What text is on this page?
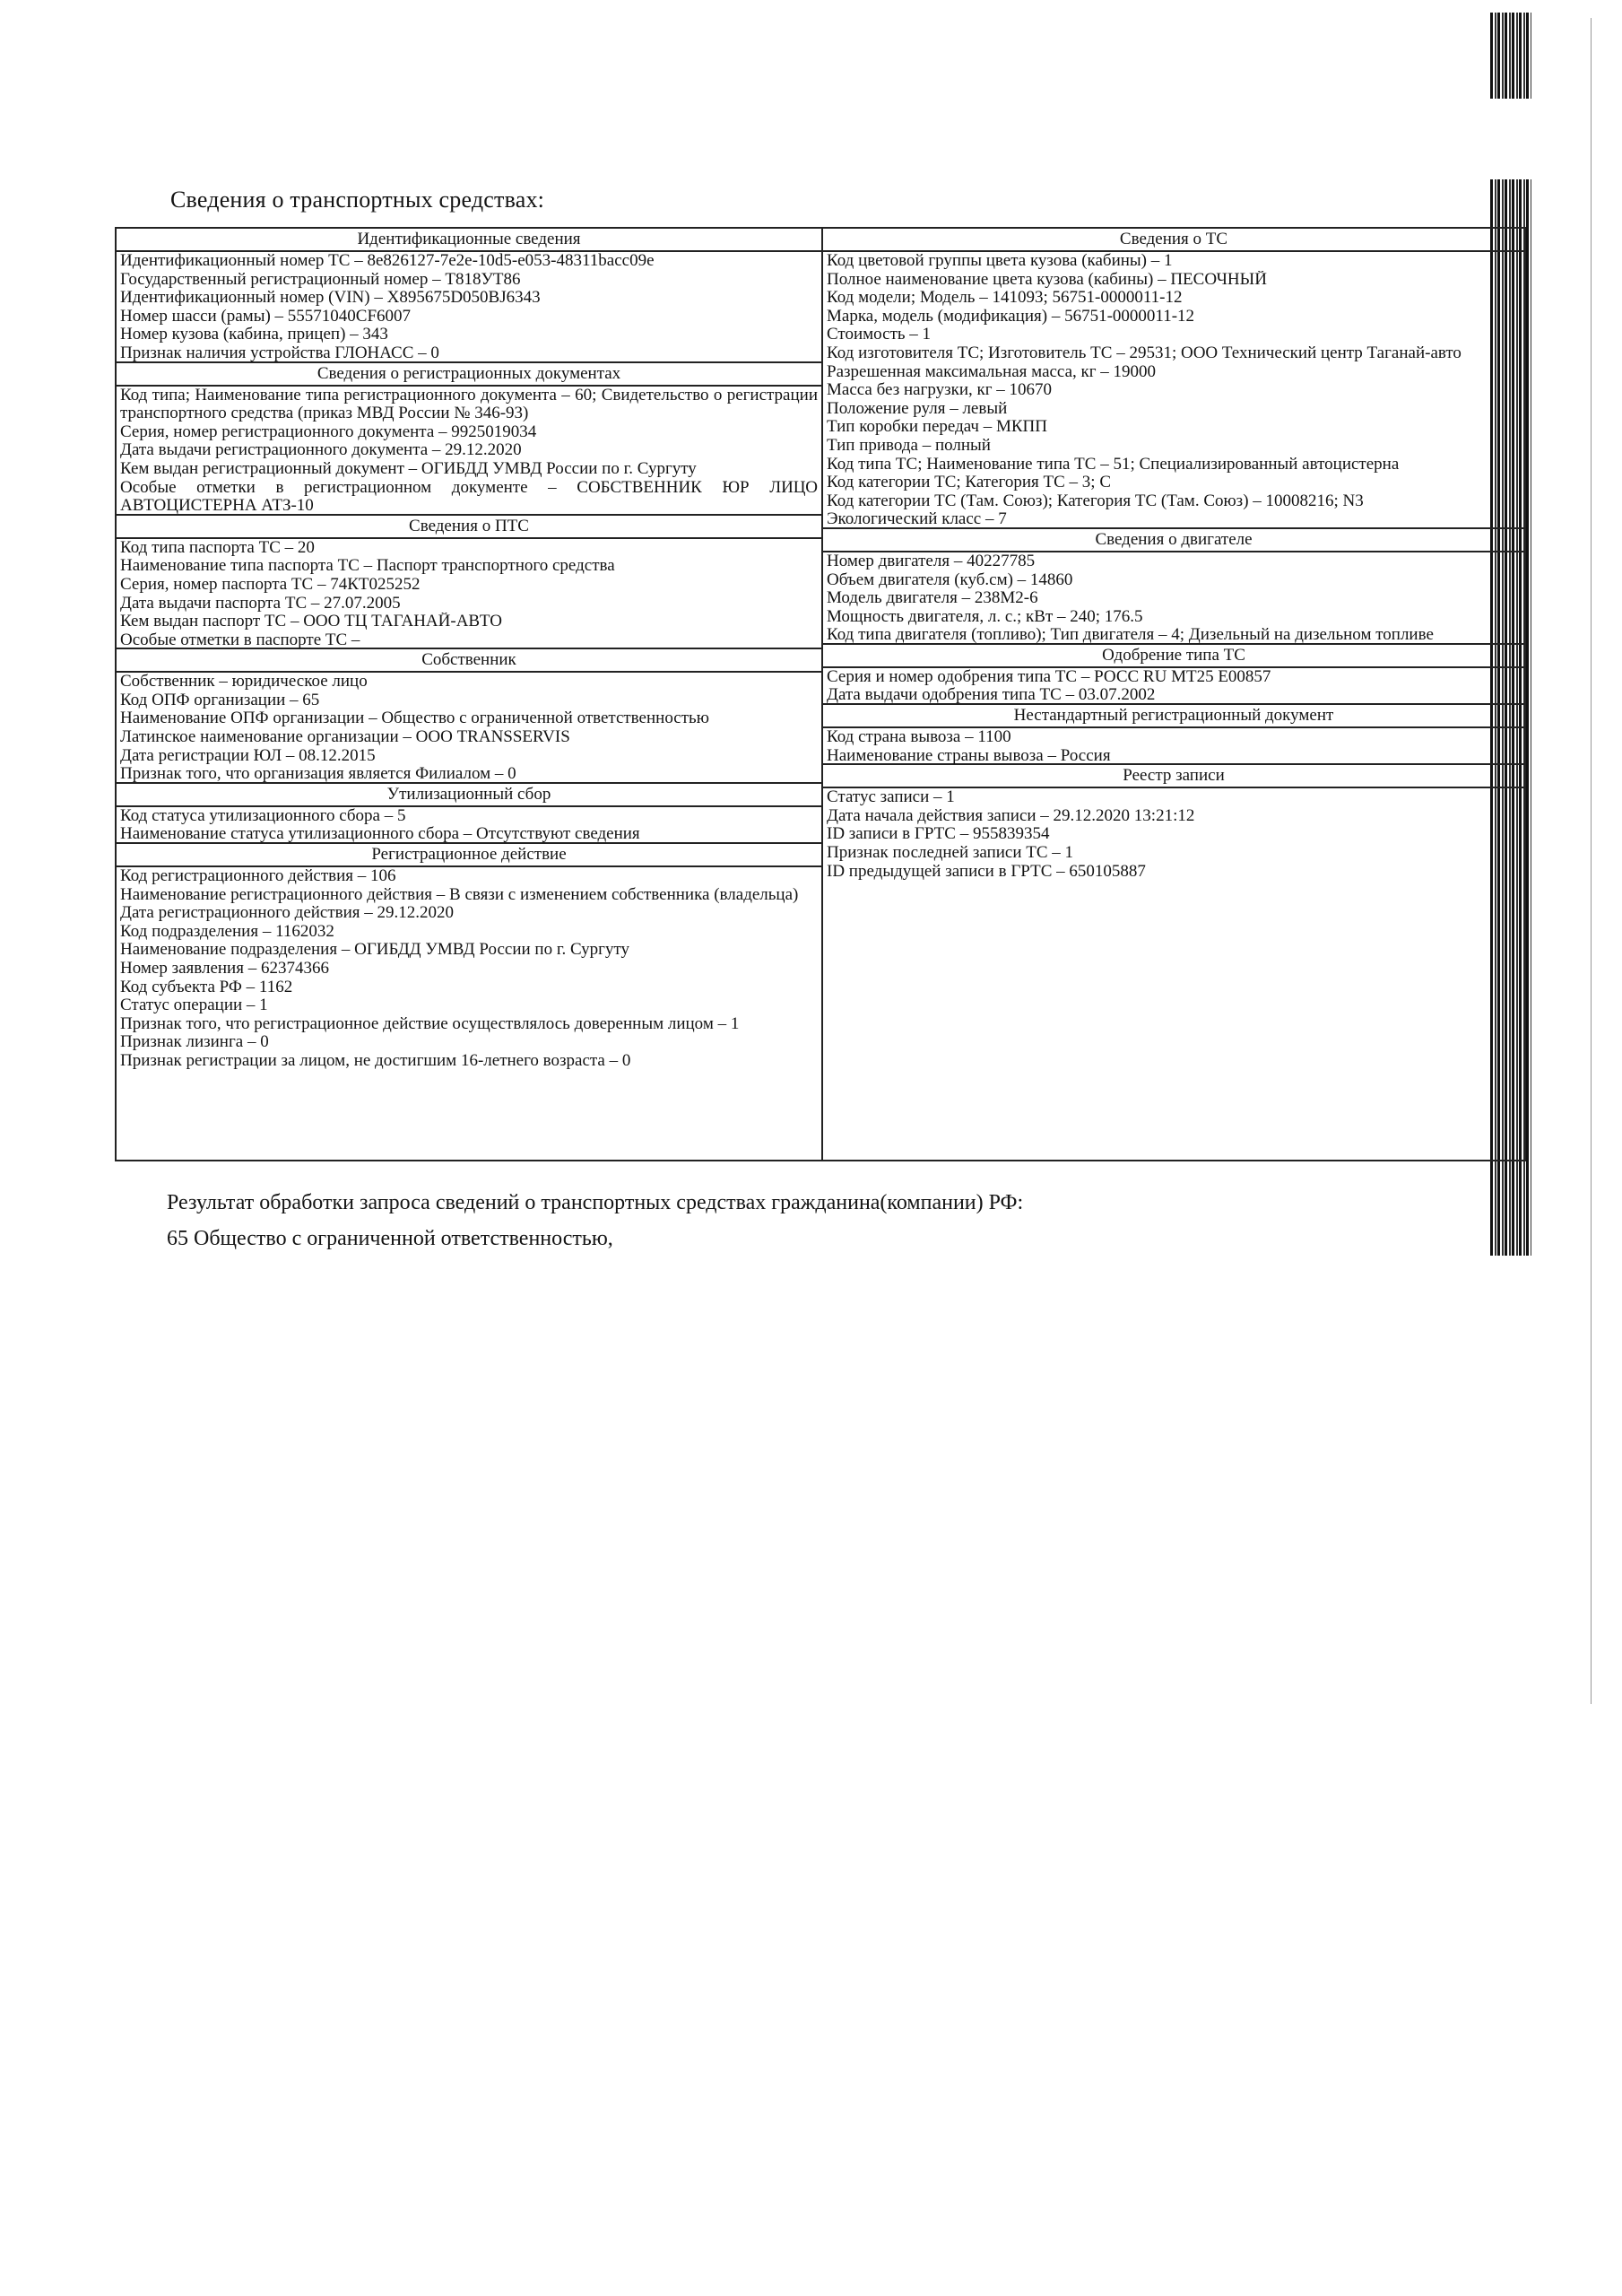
Сведения о транспортных средствах:
Идентификационные сведения
Идентификационный номер ТС – 8e826127-7e2e-10d5-e053-48311bacc09e
Государственный регистрационный номер – Т818УТ86
Идентификационный номер (VIN) – X895675D050BJ6343
Номер шасси (рамы) – 55571040CF6007
Номер кузова (кабина, прицеп) – 343
Признак наличия устройства ГЛОНАСС – 0
Сведения о регистрационных документах
Код типа; Наименование типа регистрационного документа – 60; Свидетельство о регистрации транспортного средства (приказ МВД России № 346-93)
Серия, номер регистрационного документа – 9925019034
Дата выдачи регистрационного документа – 29.12.2020
Кем выдан регистрационный документ – ОГИБДД УМВД России по г. Сургуту
Особые отметки в регистрационном документе – СОБСТВЕННИК ЮР ЛИЦО АВТОЦИСТЕРНА АТЗ-10
Сведения о ПТС
Код типа паспорта ТС – 20
Наименование типа паспорта ТС – Паспорт транспортного средства
Серия, номер паспорта ТС – 74КТ025252
Дата выдачи паспорта ТС – 27.07.2005
Кем выдан паспорт ТС – ООО ТЦ ТАГАНАЙ-АВТО
Особые отметки в паспорте ТС –
Собственник
Собственник – юридическое лицо
Код ОПФ организации – 65
Наименование ОПФ организации – Общество с ограниченной ответственностью
Латинское наименование организации – ООО TRANSSERVIS
Дата регистрации ЮЛ – 08.12.2015
Признак того, что организация является Филиалом – 0
Утилизационный сбор
Код статуса утилизационного сбора – 5
Наименование статуса утилизационного сбора – Отсутствуют сведения
Регистрационное действие
Код регистрационного действия – 106
Наименование регистрационного действия – В связи с изменением собственника (владельца)
Дата регистрационного действия – 29.12.2020
Код подразделения – 1162032
Наименование подразделения – ОГИБДД УМВД России по г. Сургуту
Номер заявления – 62374366
Код субъекта РФ – 1162
Статус операции – 1
Признак того, что регистрационное действие осуществлялось доверенным лицом – 1
Признак лизинга – 0
Признак регистрации за лицом, не достигшим 16-летнего возраста – 0
Сведения о ТС
Код цветовой группы цвета кузова (кабины) – 1
Полное наименование цвета кузова (кабины) – ПЕСОЧНЫЙ
Код модели; Модель – 141093; 56751-0000011-12
Марка, модель (модификация) – 56751-0000011-12
Стоимость – 1
Код изготовителя ТС; Изготовитель ТС – 29531; ООО Технический центр Таганай-авто
Разрешенная максимальная масса, кг – 19000
Масса без нагрузки, кг – 10670
Положение руля – левый
Тип коробки передач – МКПП
Тип привода – полный
Код типа ТС; Наименование типа ТС – 51; Специализированный автоцистерна
Код категории ТС; Категория ТС – 3; С
Код категории ТС (Там. Союз); Категория ТС (Там. Союз) – 10008216; N3
Экологический класс – 7
Сведения о двигателе
Номер двигателя – 40227785
Объем двигателя (куб.см) – 14860
Модель двигателя – 238М2-6
Мощность двигателя, л. с.; кВт – 240; 176.5
Код типа двигателя (топливо); Тип двигателя – 4; Дизельный на дизельном топливе
Одобрение типа ТС
Серия и номер одобрения типа ТС – РОСС RU МТ25 Е00857
Дата выдачи одобрения типа ТС – 03.07.2002
Нестандартный регистрационный документ
Код страна вывоза – 1100
Наименование страны вывоза – Россия
Реестр записи
Статус записи – 1
Дата начала действия записи – 29.12.2020 13:21:12
ID записи в ГРТС – 955839354
Признак последней записи ТС – 1
ID предыдущей записи в ГРТС – 650105887
Результат обработки запроса сведений о транспортных средствах гражданина(компании) РФ:
65 Общество с ограниченной ответственностью,
